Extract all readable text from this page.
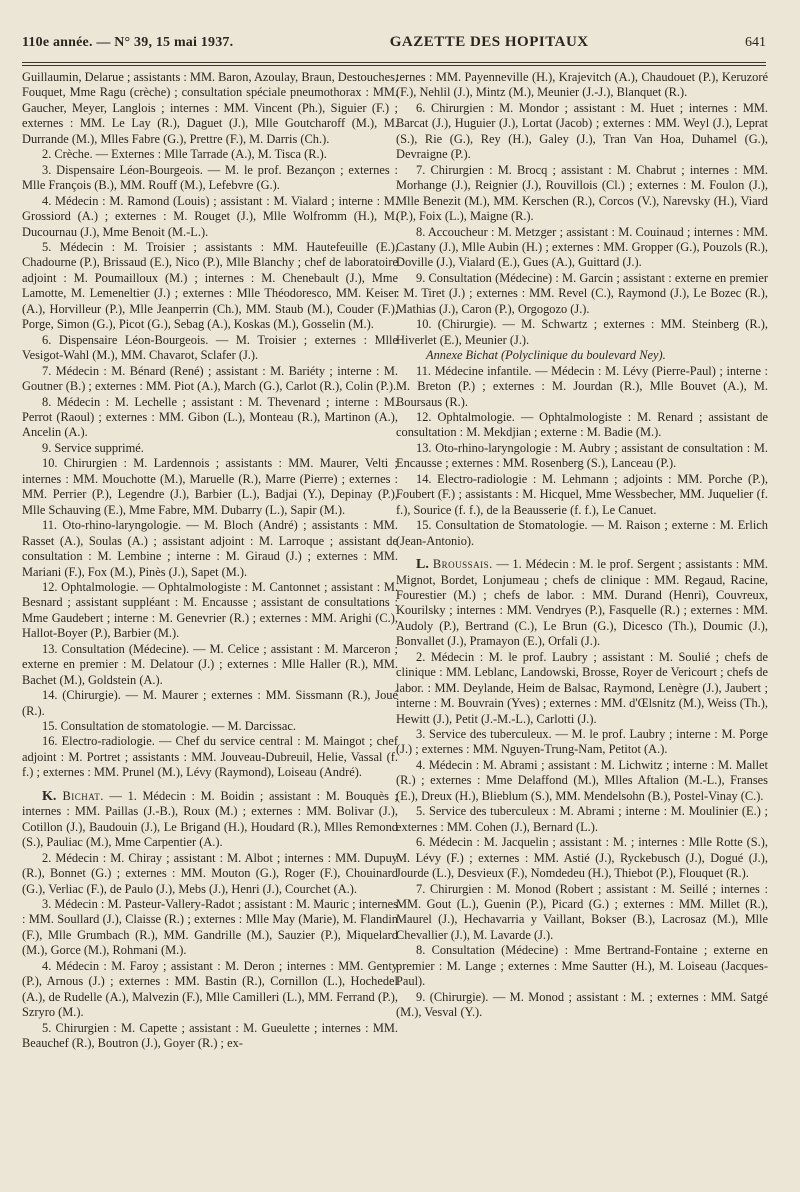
110e année. — N° 39, 15 mai 1937.	GAZETTE DES HOPITAUX	641

Guillaumin, Delarue ; assistants : MM. Baron, Azoulay, Braun, Destouches, Fouquet, Mme Ragu (crèche) ; consultation spéciale pneumothorax : MM. Gaucher, Meyer, Langlois ; internes : MM. Vincent (Ph.), Siguier (F.) ; externes : MM. Le Lay (R.), Daguet (J.), Mlle Goutcharoff (M.), M. Durrande (M.), Mlles Fabre (G.), Prettre (F.), M. Darris (Ch.).

2. Crèche. — Externes : Mlle Tarrade (A.), M. Tisca (R.).

3. Dispensaire Léon-Bourgeois. — M. le prof. Bezançon ; externes : Mlle François (B.), MM. Rouff (M.), Lefebvre (G.).

4. Médecin : M. Ramond (Louis) ; assistant : M. Vialard ; interne : M. Grossiord (A.) ; externes : M. Rouget (J.), Mlle Wolfromm (H.), M. Ducournau (J.), Mme Benoit (M.-L.).

5. Médecin : M. Troisier ; assistants : MM. Hautefeuille (E.), Chadourne (P.), Brissaud (E.), Nico (P.), Mlle Blanchy ; chef de laboratoire adjoint : M. Poumailloux (M.) ; internes : M. Chenebault (J.), Mme Lamotte, M. Lemeneltier (J.) ; externes : Mlle Théodoresco, MM. Keiser (A.), Horvilleur (P.), Mlle Jeanperrin (Ch.), MM. Staub (M.), Couder (F.), Porge, Simon (G.), Picot (G.), Sebag (A.), Koskas (M.), Gosselin (M.).

6. Dispensaire Léon-Bourgeois. — M. Troisier ; externes : Mlle Vesigot-Wahl (M.), MM. Chavarot, Sclafer (J.).

7. Médecin : M. Bénard (René) ; assistant : M. Bariéty ; interne : M. Goutner (B.) ; externes : MM. Piot (A.), March (G.), Carlot (R.), Colin (P.).

8. Médecin : M. Lechelle ; assistant : M. Thevenard ; interne : M. Perrot (Raoul) ; externes : MM. Gibon (L.), Monteau (R.), Martinon (A.), Ancelin (A.).

9. Service supprimé.

10. Chirurgien : M. Lardennois ; assistants : MM. Maurer, Velti ; internes : MM. Mouchotte (M.), Maruelle (R.), Marre (Pierre) ; externes : MM. Perrier (P.), Legendre (J.), Barbier (L.), Badjai (Y.), Depinay (P.), Mlle Schauving (E.), Mme Fabre, MM. Dubarry (L.), Sapir (M.).

11. Oto-rhino-laryngologie. — M. Bloch (André) ; assistants : MM. Rasset (A.), Soulas (A.) ; assistant adjoint : M. Larroque ; assistant de consultation : M. Lembine ; interne : M. Giraud (J.) ; externes : MM. Mariani (F.), Fox (M.), Pinès (J.), Sapet (M.).

12. Ophtalmologie. — Ophtalmologiste : M. Cantonnet ; assistant : M. Besnard ; assistant suppléant : M. Encausse ; assistant de consultations : Mme Gaudebert ; interne : M. Genevrier (R.) ; externes : MM. Arighi (C.), Hallot-Boyer (P.), Barbier (M.).

13. Consultation (Médecine). — M. Celice ; assistant : M. Marceron ; externe en premier : M. Delatour (J.) ; externes : Mlle Haller (R.), MM. Bachet (M.), Goldstein (A.).

14. (Chirurgie). — M. Maurer ; externes : MM. Sissmann (R.), Joué (R.).

15. Consultation de stomatologie. — M. Darcissac.

16. Electro-radiologie. — Chef du service central : M. Maingot ; chef adjoint : M. Portret ; assistants : MM. Jouveau-Dubreuil, Helie, Vassal (f. f.) ; externes : MM. Prunel (M.), Lévy (Raymond), Loiseau (André).

K. Bichat. — 1. Médecin : M. Boidin ; assistant : M. Bouquès ; internes : MM. Paillas (J.-B.), Roux (M.) ; externes : MM. Bolivar (J.), Cotillon (J.), Baudouin (J.), Le Brigand (H.), Houdard (R.), Mlles Remond (S.), Pauliac (M.), Mme Carpentier (A.).

2. Médecin : M. Chiray ; assistant : M. Albot ; internes : MM. Dupuy (R.), Bonnet (G.) ; externes : MM. Mouton (G.), Roger (F.), Chouinard (G.), Verliac (F.), de Paulo (J.), Mebs (J.), Henri (J.), Courchet (A.).

3. Médecin : M. Pasteur-Vallery-Radot ; assistant : M. Mauric ; internes : MM. Soullard (J.), Claisse (R.) ; externes : Mlle May (Marie), M. Flandin (F.), Mlle Grumbach (R.), MM. Gandrille (M.), Sauzier (P.), Miquelard (M.), Gorce (M.), Rohmani (M.).

4. Médecin : M. Faroy ; assistant : M. Deron ; internes : MM. Genty (P.), Arnous (J.) ; externes : MM. Bastin (R.), Cornillon (L.), Hochedel (A.), de Rudelle (A.), Malvezin (F.), Mlle Camilleri (L.), MM. Ferrand (P.), Szryro (M.).

5. Chirurgien : M. Capette ; assistant : M. Gueulette ; internes : MM. Beauchef (R.), Boutron (J.), Goyer (R.) ; ex-

ternes : MM. Payenneville (H.), Krajevitch (A.), Chaudouet (P.), Keruzoré (F.), Nehlil (J.), Mintz (M.), Meunier (J.-J.), Blanquet (R.).

6. Chirurgien : M. Mondor ; assistant : M. Huet ; internes : MM. Barcat (J.), Huguier (J.), Lortat (Jacob) ; externes : MM. Weyl (J.), Leprat (S.), Rie (G.), Rey (H.), Galey (J.), Tran Van Hoa, Duhamel (G.), Devraigne (P.).

7. Chirurgien : M. Brocq ; assistant : M. Chabrut ; internes : MM. Morhange (J.), Reignier (J.), Rouvillois (Cl.) ; externes : M. Foulon (J.), Mlle Benezit (M.), MM. Kerschen (R.), Corcos (V.), Narevsky (H.), Viard (P.), Foix (L.), Maigne (R.).

8. Accoucheur : M. Metzger ; assistant : M. Couinaud ; internes : MM. Castany (J.), Mlle Aubin (H.) ; externes : MM. Gropper (G.), Pouzols (R.), Doville (J.), Vialard (E.), Gues (A.), Guittard (J.).

9. Consultation (Médecine) : M. Garcin ; assistant : externe en premier : M. Tiret (J.) ; externes : MM. Revel (C.), Raymond (J.), Le Bozec (R.), Mathias (J.), Caron (P.), Orgogozo (J.).

10. (Chirurgie). — M. Schwartz ; externes : MM. Steinberg (R.), Hiverlet (E.), Meunier (J.).

Annexe Bichat (Polyclinique du boulevard Ney).

11. Médecine infantile. — Médecin : M. Lévy (Pierre-Paul) ; interne : M. Breton (P.) ; externes : M. Jourdan (R.), Mlle Bouvet (A.), M. Boursaus (R.).

12. Ophtalmologie. — Ophtalmologiste : M. Renard ; assistant de consultation : M. Mekdjian ; externe : M. Badie (M.).

13. Oto-rhino-laryngologie : M. Aubry ; assistant de consultation : M. Encausse ; externes : MM. Rosenberg (S.), Lanceau (P.).

14. Electro-radiologie : M. Lehmann ; adjoints : MM. Porche (P.), Foubert (F.) ; assistants : M. Hicquel, Mme Wessbecher, MM. Juquelier (f. f.), Sourice (f. f.), de la Beausserie (f. f.), Le Canuet.

15. Consultation de Stomatologie. — M. Raison ; externe : M. Erlich (Jean-Antonio).

L. Broussais. — 1. Médecin : M. le prof. Sergent ; assistants : MM. Mignot, Bordet, Lonjumeau ; chefs de clinique : MM. Regaud, Racine, Fourestier (M.) ; chefs de labor. : MM. Durand (Henri), Couvreux, Kourilsky ; internes : MM. Vendryes (P.), Fasquelle (R.) ; externes : MM. Audoly (P.), Bertrand (C.), Le Brun (G.), Dicesco (Th.), Doumic (J.), Bonvallet (J.), Pramayon (E.), Orfali (J.).

2. Médecin : M. le prof. Laubry ; assistant : M. Soulié ; chefs de clinique : MM. Leblanc, Landowski, Brosse, Royer de Vericourt ; chefs de labor. : MM. Deylande, Heim de Balsac, Raymond, Lenègre (J.), Jaubert ; interne : M. Bouvrain (Yves) ; externes : MM. d'Œlsnitz (M.), Weiss (Th.), Hewitt (J.), Petit (J.-M.-L.), Carlotti (J.).

3. Service des tuberculeux. — M. le prof. Laubry ; interne : M. Porge (J.) ; externes : MM. Nguyen-Trung-Nam, Petitot (A.).

4. Médecin : M. Abrami ; assistant : M. Lichwitz ; interne : M. Mallet (R.) ; externes : Mme Delaffond (M.), Mlles Aftalion (M.-L.), Franses (E.), Dreux (H.), Blieblum (S.), MM. Mendelsohn (B.), Postel-Vinay (C.).

5. Service des tuberculeux : M. Abrami ; interne : M. Moulinier (E.) ; externes : MM. Cohen (J.), Bernard (L.).

6. Médecin : M. Jacquelin ; assistant : M. ; internes : Mlle Rotte (S.), M. Lévy (F.) ; externes : MM. Astié (J.), Ryckebusch (J.), Dogué (J.), Jourde (L.), Desvieux (F.), Nomdedeu (H.), Thiebot (P.), Flouquet (R.).

7. Chirurgien : M. Monod (Robert ; assistant : M. Seillé ; internes : MM. Gout (L.), Guenin (P.), Picard (G.) ; externes : MM. Millet (R.), Maurel (J.), Hechavarria y Vaillant, Bokser (B.), Lacrosaz (M.), Mlle Chevallier (J.), M. Lavarde (J.).

8. Consultation (Médecine) : Mme Bertrand-Fontaine ; externe en premier : M. Lange ; externes : Mme Sautter (H.), M. Loiseau (Jacques-Paul).

9. (Chirurgie). — M. Monod ; assistant : M. ; externes : MM. Satgé (M.), Vesval (Y.).
